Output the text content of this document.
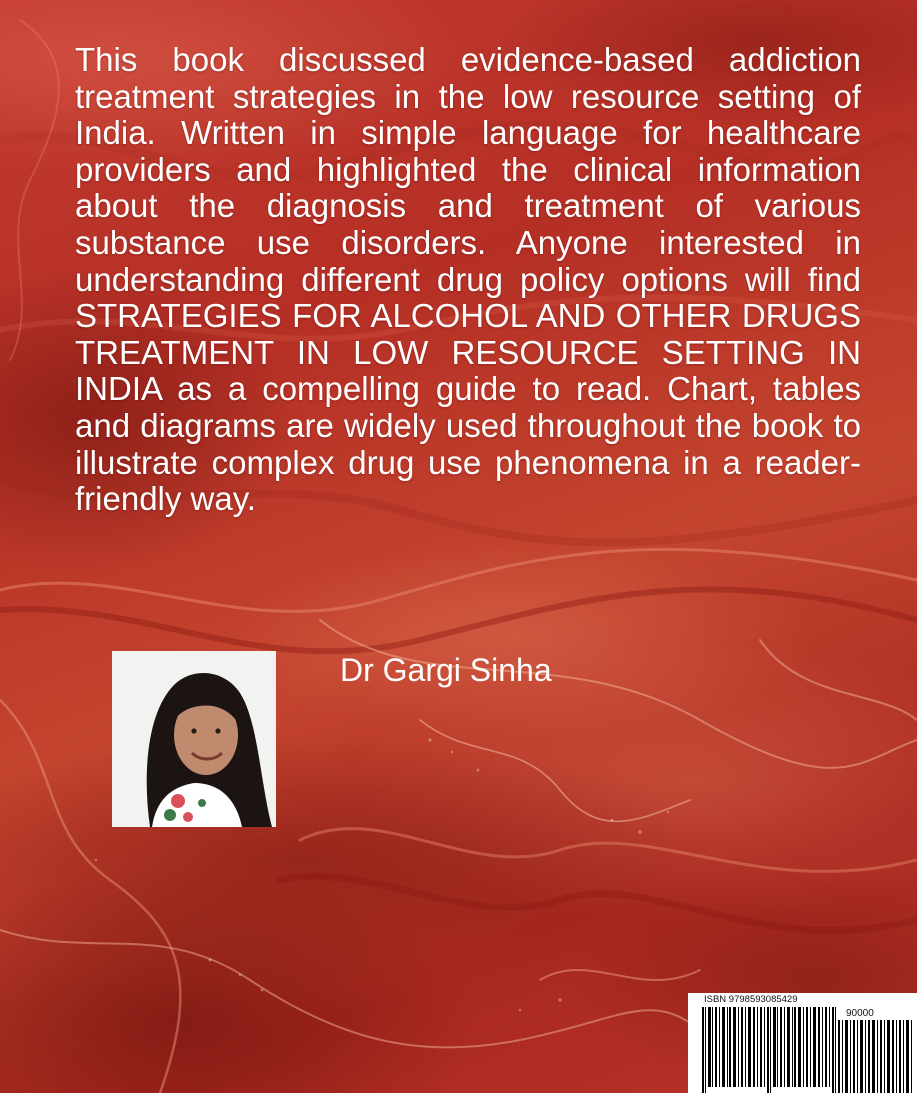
This book discussed evidence-based addiction treatment strategies in the low resource setting of India. Written in simple language for healthcare providers and highlighted the clinical information about the diagnosis and treatment of various substance use disorders. Anyone interested in understanding different drug policy options will find STRATEGIES FOR ALCOHOL AND OTHER DRUGS TREATMENT IN LOW RESOURCE SETTING IN INDIA as a compelling guide to read. Chart, tables and diagrams are widely used throughout the book to illustrate complex drug use phenomena in a reader-friendly way.

Dr Gargi Sinha
ISBN 9798593085429
90000
